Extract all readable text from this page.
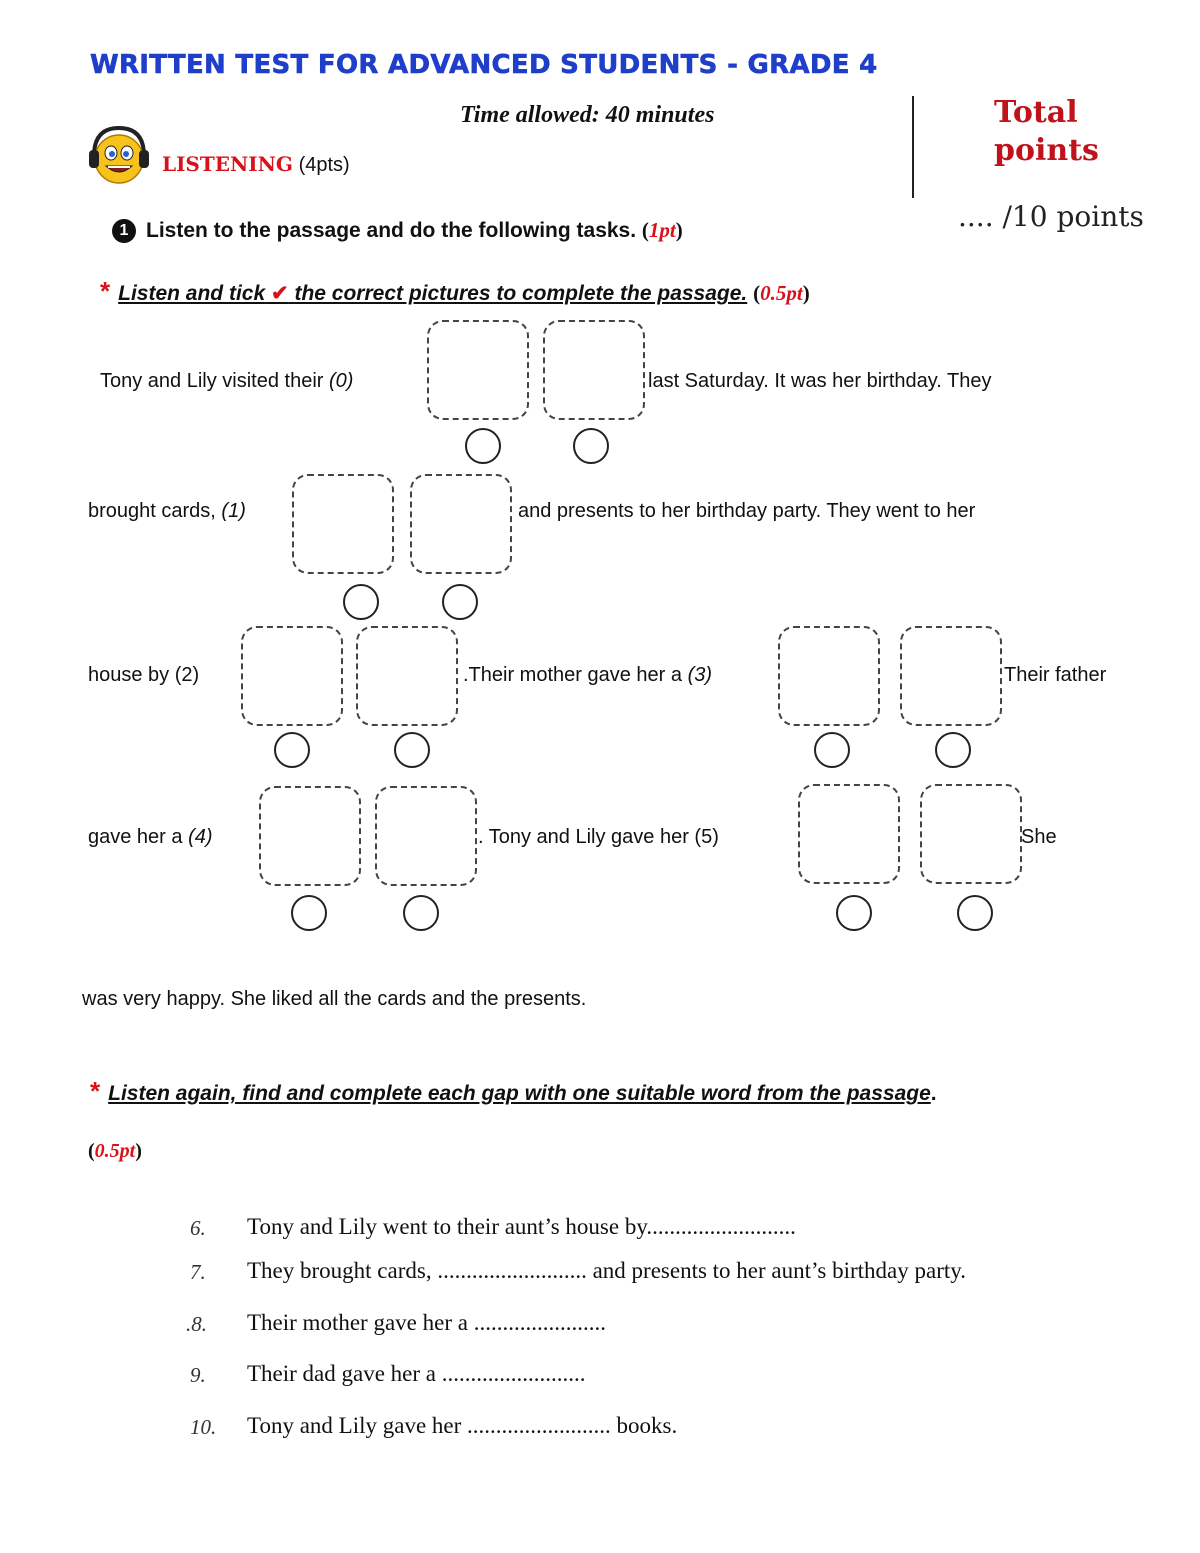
WRITTEN TEST FOR ADVANCED STUDENTS - GRADE 4
Time allowed: 40 minutes	Total
points
.... /10 points
LISTENING (4pts)
1 Listen to the passage and do the following tasks. (1pt)
* Listen and tick ✔ the correct pictures to complete the passage. (0.5pt)
Tony and Lily visited their (0)	last Saturday. It was her birthday. They
brought cards, (1)	and presents to her birthday party. They went to her
house by (2)	.Their mother gave her a (3)	Their father
gave her a (4)	. Tony and Lily gave her (5)	She
was very happy. She liked all the cards and the presents.
* Listen again, find and complete each gap with one suitable word from the passage.
(0.5pt)
6. Tony and Lily went to their aunt’s house by..........................
7. They brought cards, .......................... and presents to her aunt’s birthday party.
.8. Their mother gave her a .......................
9. Their dad gave her a .........................
10. Tony and Lily gave her ......................... books.
